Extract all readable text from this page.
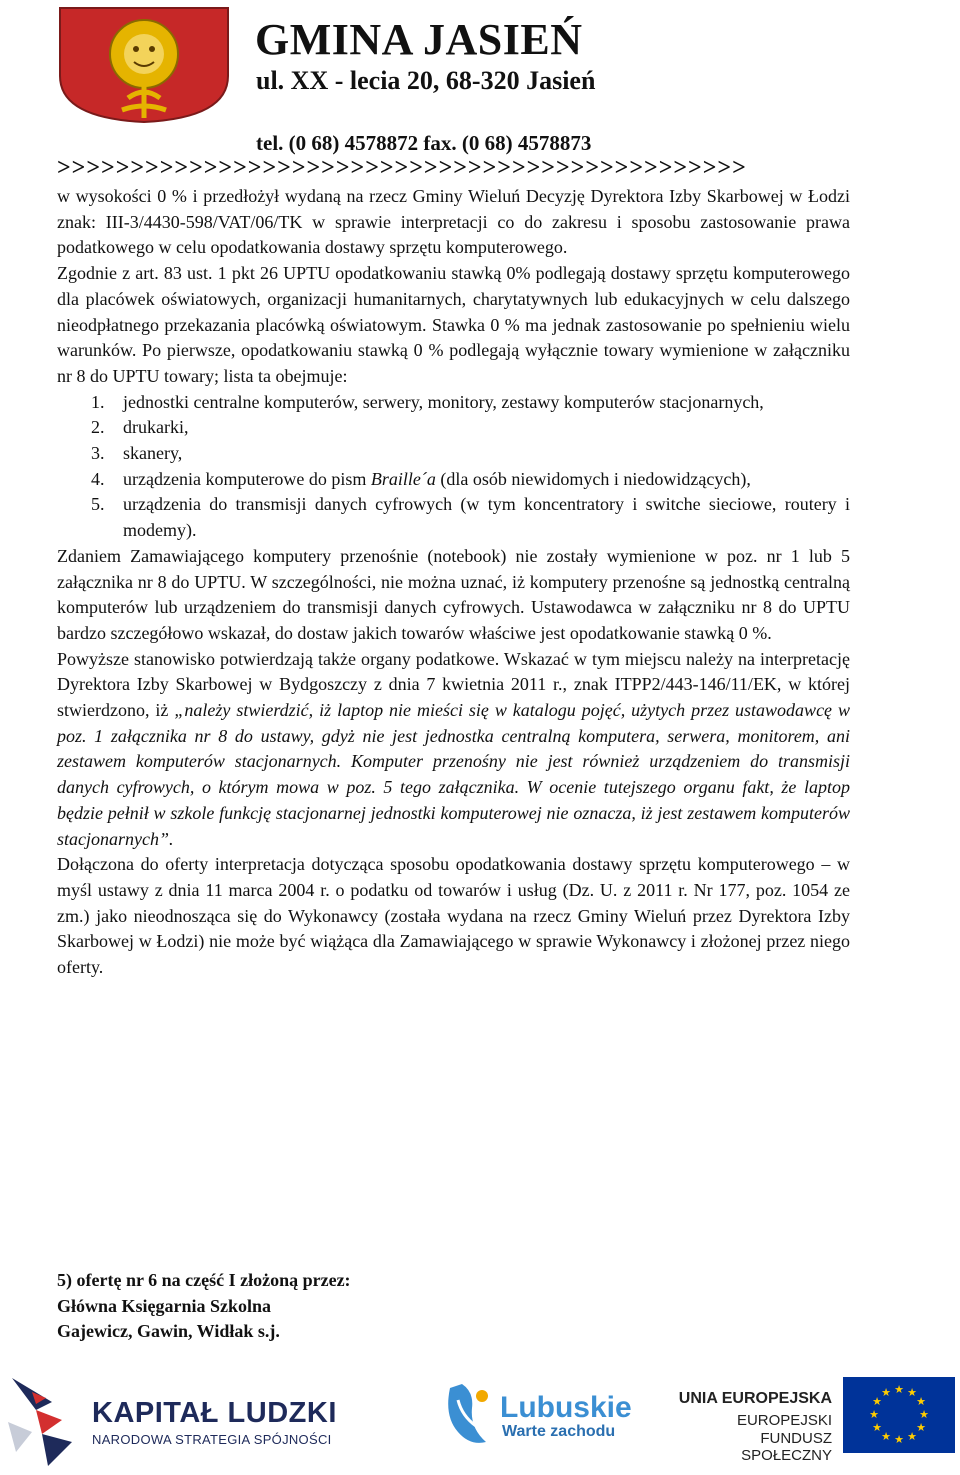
GMINA JASIEŃ
ul. XX - lecia 20, 68-320 Jasień
tel. (0 68) 4578872 fax. (0 68) 4578873
>>>>>>>>>>>>>>>>>>>>>>>>>>>>>>>>>>>>>>>>>>>>>>>

w wysokości 0 % i przedłożył wydaną na rzecz Gminy Wieluń Decyzję Dyrektora Izby Skarbowej w Łodzi znak: III-3/4430-598/VAT/06/TK w sprawie interpretacji co do zakresu i sposobu zastosowanie prawa podatkowego w celu opodatkowania dostawy sprzętu komputerowego.

Zgodnie z art. 83 ust. 1 pkt 26 UPTU opodatkowaniu stawką 0% podlegają dostawy sprzętu komputerowego dla placówek oświatowych, organizacji humanitarnych, charytatywnych lub edukacyjnych w celu dalszego nieodpłatnego przekazania placówką oświatowym. Stawka 0 % ma jednak zastosowanie po spełnieniu wielu warunków. Po pierwsze, opodatkowaniu stawką 0 % podlegają wyłącznie towary wymienione w załączniku nr 8 do UPTU towary; lista ta obejmuje:

1. jednostki centralne komputerów, serwery, monitory, zestawy komputerów stacjonarnych,
2. drukarki,
3. skanery,
4. urządzenia komputerowe do pism Braille´a (dla osób niewidomych i niedowidzących),
5. urządzenia do transmisji danych cyfrowych (w tym koncentratory i switche sieciowe, routery i modemy).

Zdaniem Zamawiającego komputery przenośnie (notebook) nie zostały wymienione w poz. nr 1 lub 5 załącznika nr 8 do UPTU. W szczególności, nie można uznać, iż komputery przenośne są jednostką centralną komputerów lub urządzeniem do transmisji danych cyfrowych. Ustawodawca w załączniku nr 8 do UPTU bardzo szczegółowo wskazał, do dostaw jakich towarów właściwe jest opodatkowanie stawką 0 %.

Powyższe stanowisko potwierdzają także organy podatkowe. Wskazać w tym miejscu należy na interpretację Dyrektora Izby Skarbowej w Bydgoszczy z dnia 7 kwietnia 2011 r., znak ITPP2/443-146/11/EK, w której stwierdzono, iż „należy stwierdzić, iż laptop nie mieści się w katalogu pojęć, użytych przez ustawodawcę w poz. 1 załącznika nr 8 do ustawy, gdyż nie jest jednostka centralną komputera, serwera, monitorem, ani zestawem komputerów stacjonarnych. Komputer przenośny nie jest również urządzeniem do transmisji danych cyfrowych, o którym mowa w poz. 5 tego załącznika. W ocenie tutejszego organu fakt, że laptop będzie pełnił w szkole funkcję stacjonarnej jednostki komputerowej nie oznacza, iż jest zestawem komputerów stacjonarnych”.

Dołączona do oferty interpretacja dotycząca sposobu opodatkowania dostawy sprzętu komputerowego – w myśl ustawy z dnia 11 marca 2004 r. o podatku od towarów i usług (Dz. U. z 2011 r. Nr 177, poz. 1054 ze zm.) jako nieodnosząca się do Wykonawcy (została wydana na rzecz Gminy Wieluń przez Dyrektora Izby Skarbowej w Łodzi) nie może być wiążąca dla Zamawiającego w sprawie Wykonawcy i złożonej przez niego oferty.

5) ofertę nr 6 na część I złożoną przez:
Główna Księgarnia Szkolna
Gajewicz, Gawin, Widłak s.j.
KAPITAŁ LUDZKI
NARODOWA STRATEGIA SPÓJNOŚCI
Lubuskie
Warte zachodu
UNIA EUROPEJSKA
EUROPEJSKI
FUNDUSZ SPOŁECZNY
★ ★
★
★
★
★
★
★
★
★
★
★
